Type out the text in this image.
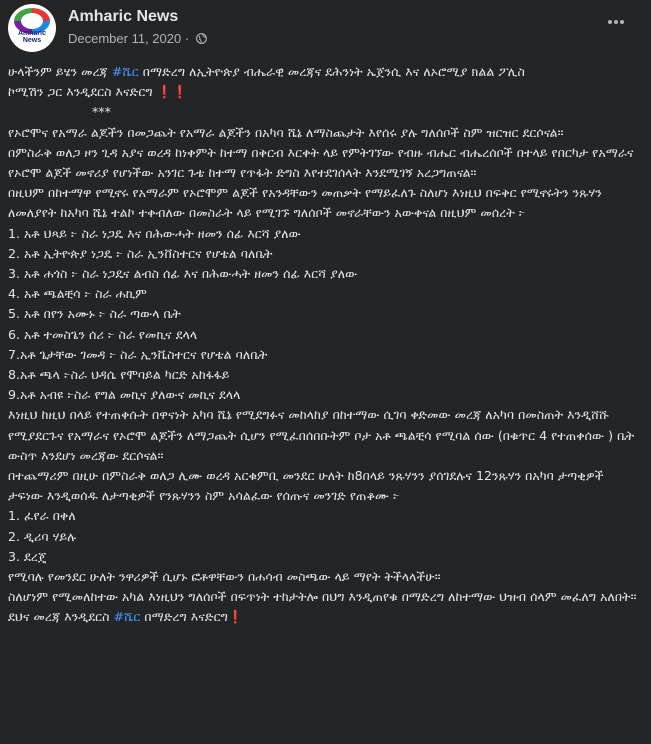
Amharic News
Amharic News
December 11, 2020 ·
ሁላችንም ይሄን መረጃ #ሼር በማድረግ ለኢትዮጵያ ብሔራዊ መረጃና ደሕንነት ኤጀንሲ እና ለኦሮሚያ ክልል ፖሊስ
ኮሚሽን ጋር እንዲደርስ እናድርግ ❗❗
***
የኦሮሞና የአማራ ልጆችን በመጋጨት የአማራ ልጆችን በአካባ ሼኔ ለማስጨታት እየሰሩ ያሉ ግለሰቦች ስም ዝርዝር ደርሶናል።
በምስራቅ ወለጋ ዞን ጊዳ አያና ወረዳ ከነቀምት ከተማ በቅርብ እርቀት ላይ የምትገኘው የብዙ ብሔር ብሔረሰቦች በተላይ የበርካታ የአማራና የኦሮሞ ልጆች መኖሪያ የሆነችው አንገር ጉቴ ከተማ የጥፋት ድግስ እየተደገሰላት እንደሚገኝ አረጋግጠናል።
በዚህም በከተማዋ የሚኖሩ የአማራም የኦሮሞም ልጆች የአንዳቸውን መጠቃት የማይፈለጉ ስለሆነ እነዚህ በፍቅር የሚኖሩትን ንጹሃን ለመለያየት ከአካባ ሼኔ ተልኮ ተቀብለው በመስራት ላይ የሚገኙ ግለሰቦች መኖራቸውን አውቀናል በዚህም መሰረት ፦
1. አቶ ህጻይ ፦ ስራ ነጋዴ እና በሕውሓት ዘመን ሰፊ እርሻ ያለው
2. አቶ ኢትዮጵያ ነጋዴ ፦ ስራ ኢንቨስተርና የሆቴል ባለቤት
3. አቶ ሐጎስ ፦ ስራ ነጋዴና ልብስ ሰፊ እና በሕውሓት ዘመን ሰፊ እርሻ ያለው
4. አቶ ጫልቺሳ ፦ ስራ ሐኪም
5. አቶ በየን አሙኑ ፦ ስራ ጣውላ ቤት
6. አቶ ተመስጌን ሰሪ ፦ ስራ የመኪና ደላላ
7.አቶ ጌታቸው ገመዳ ፦ ስራ ኢንቬስተርና የሆቴል ባለቤት
8.አቶ ጫላ ፦ስራ ህዳሴ የሞባይል ካርድ አከፋፋይ
9.አቶ አብዩ ፦ስራ የግል መኪና ያለውና መኪና ደላላ
እነዚህ ከዚህ በላይ የተጠቀሱት በዋናነት አካባ ሼኔ የሚደግፉና መከላከያ በከተማው ሲገባ ቀድመው መረጃ ለአካባ በመስጠት እንዲሸሹ የሚያደርጉና የአማራና የኦሮሞ ልጆችን ለማጋጨት ሲሆን የሚፈበሰበቡትም ቦታ አቶ ጫልቺሳ የሚባል ሰው (በቁጥር 4 የተጠቀሰው ) ቤት ውስጥ እንደሆነ መረጃው ደርሶናል።
በተጨማሪም በዚሁ በምስራቅ ወለጋ ሊሙ ወረዳ አርቁምቢ መንደር ሁለት ከ8በላይ ንጹሃንን ያሰገደሉና 12ንጹሃን በአካባ ታጣቂዎች ታፍነው እንዲወሰዱ ለታጣቂዎች የንጹሃንን ስም አሳልፈው የሰጡና መንገድ የጠቆሙ ፦
1. ፈየራ በቀለ
2. ዲሪባ ሃይሉ
3. ደረጄ
የሚባሉ የመንደር ሁለት ንዋሪዎች ሲሆኑ ፎቶዋቸውን በሐሳብ መስጫው ላይ ማየት ትችላላችሁ።
ስለሆነም የሚመለከተው አካል እነዚህን ግለሰቦች በፍጥነት ተከታትሎ በህግ እንዲጠየቁ በማድረግ ለከተማው ህዝብ ሰላም መፈለግ አለበት።
ደህና መረጃ እንዲደርስ #ሼር በማድረግ እናድርግ❗
